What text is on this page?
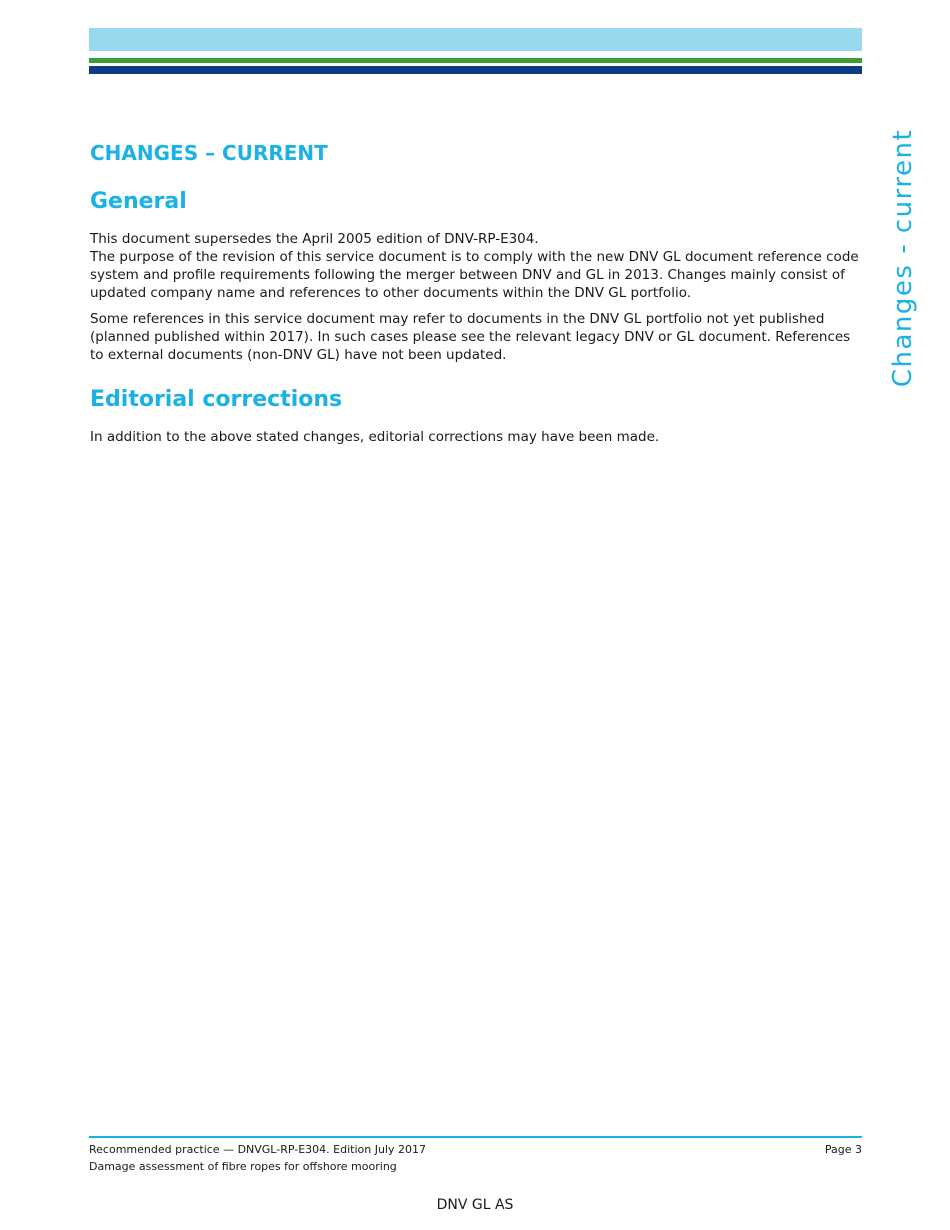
CHANGES – CURRENT
General

This document supersedes the April 2005 edition of DNV-RP-E304.

The purpose of the revision of this service document is to comply with the new DNV GL document reference code system and profile requirements following the merger between DNV and GL in 2013. Changes mainly consist of updated company name and references to other documents within the DNV GL portfolio.

Some references in this service document may refer to documents in the DNV GL portfolio not yet published (planned published within 2017). In such cases please see the relevant legacy DNV or GL document. References to external documents (non-DNV GL) have not been updated.

Editorial corrections

In addition to the above stated changes, editorial corrections may have been made.

Changes - current
Recommended practice — DNVGL-RP-E304. Edition July 2017	Page 3
Damage assessment of fibre ropes for offshore mooring
DNV GL AS
